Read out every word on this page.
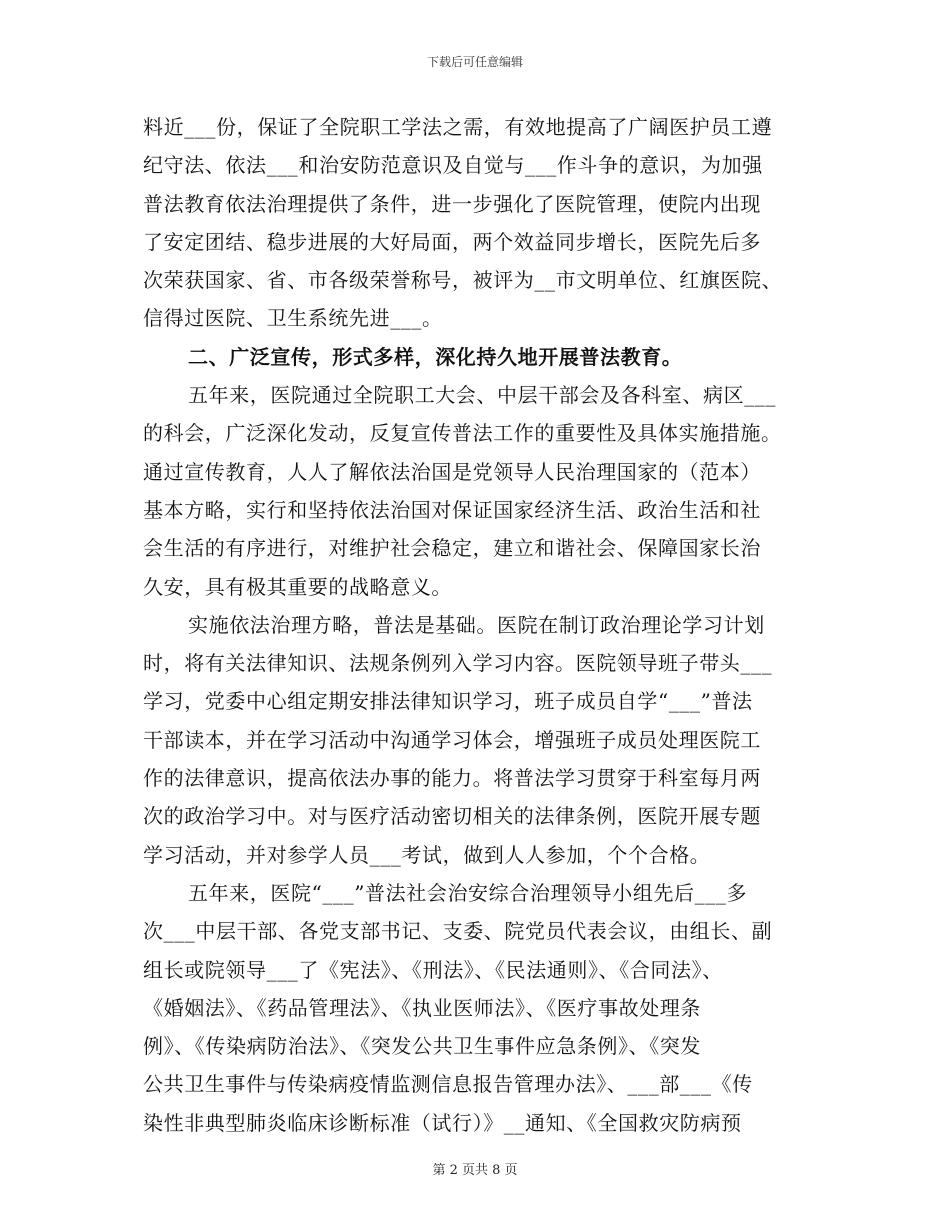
下载后可任意编辑
料近___份，保证了全院职工学法之需，有效地提高了广阔医护员工遵
纪守法、依法___和治安防范意识及自觉与___作斗争的意识，为加强
普法教育依法治理提供了条件，进一步强化了医院管理，使院内出现
了安定团结、稳步进展的大好局面，两个效益同步增长，医院先后多
次荣获国家、省、市各级荣誉称号，被评为__市文明单位、红旗医院、
信得过医院、卫生系统先进___。
二、广泛宣传，形式多样，深化持久地开展普法教育。
五年来，医院通过全院职工大会、中层干部会及各科室、病区___
的科会，广泛深化发动，反复宣传普法工作的重要性及具体实施措施。
通过宣传教育，人人了解依法治国是党领导人民治理国家的（范本）
基本方略，实行和坚持依法治国对保证国家经济生活、政治生活和社
会生活的有序进行，对维护社会稳定，建立和谐社会、保障国家长治
久安，具有极其重要的战略意义。
实施依法治理方略，普法是基础。医院在制订政治理论学习计划
时，将有关法律知识、法规条例列入学习内容。医院领导班子带头___
学习，党委中心组定期安排法律知识学习，班子成员自学“___”普法
干部读本，并在学习活动中沟通学习体会，增强班子成员处理医院工
作的法律意识，提高依法办事的能力。将普法学习贯穿于科室每月两
次的政治学习中。对与医疗活动密切相关的法律条例，医院开展专题
学习活动，并对参学人员___考试，做到人人参加，个个合格。
五年来，医院“___”普法社会治安综合治理领导小组先后___多
次___中层干部、各党支部书记、支委、院党员代表会议，由组长、副
组长或院领导___了《宪法》、《刑法》、《民法通则》、《合同法》、
《婚姻法》、《药品管理法》、《执业医师法》、《医疗事故处理条
例》、《传染病防治法》、《突发公共卫生事件应急条例》、《突发
公共卫生事件与传染病疫情监测信息报告管理办法》、___部___《传
染性非典型肺炎临床诊断标准（试行）》__通知、《全国救灾防病预
第 2 页共 8 页
